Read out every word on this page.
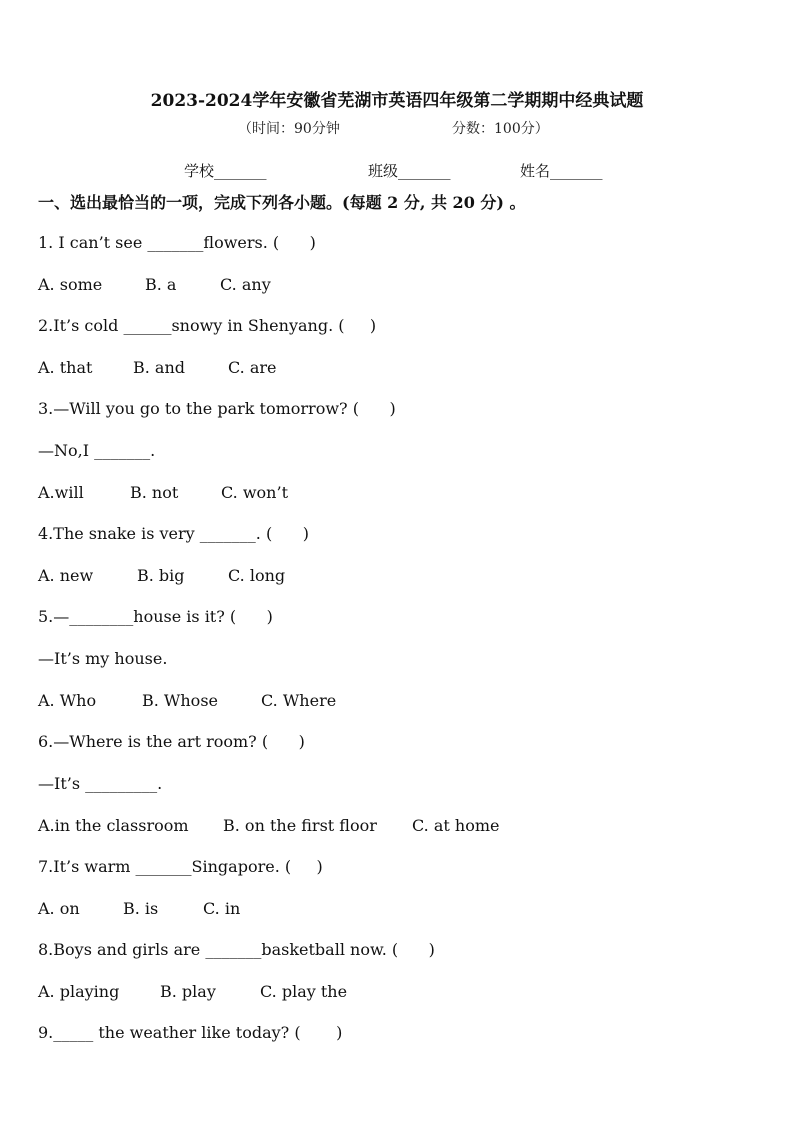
2023-2024学年安徽省芜湖市英语四年级第二学期期中经典试题
（时间：90分钟	分数：100分）
学校_______	班级_______	姓名_______
一、选出最恰当的一项，完成下列各小题。(每题 2 分, 共 20 分) 。
1. I can’t see _______flowers. (      )
A. some	B. a	C. any
2.It’s cold ______snowy in Shenyang. (     )
A. that	B. and	C. are
3.—Will you go to the park tomorrow? (      )
—No,I _______.
A.will	B. not	C. won’t
4.The snake is very _______. (      )
A. new	B. big	C. long
5.—________house is it? (      )
—It’s my house.
A. Who	B. Whose	C. Where
6.—Where is the art room? (      )
—It’s _________.
A.in the classroom B. on the first floor C. at home
7.It’s warm _______Singapore. (     )
A. on	B. is	C. in
8.Boys and girls are _______basketball now. (      )
A. playing	B. play	C. play the
9._____ the weather like today? (       )
